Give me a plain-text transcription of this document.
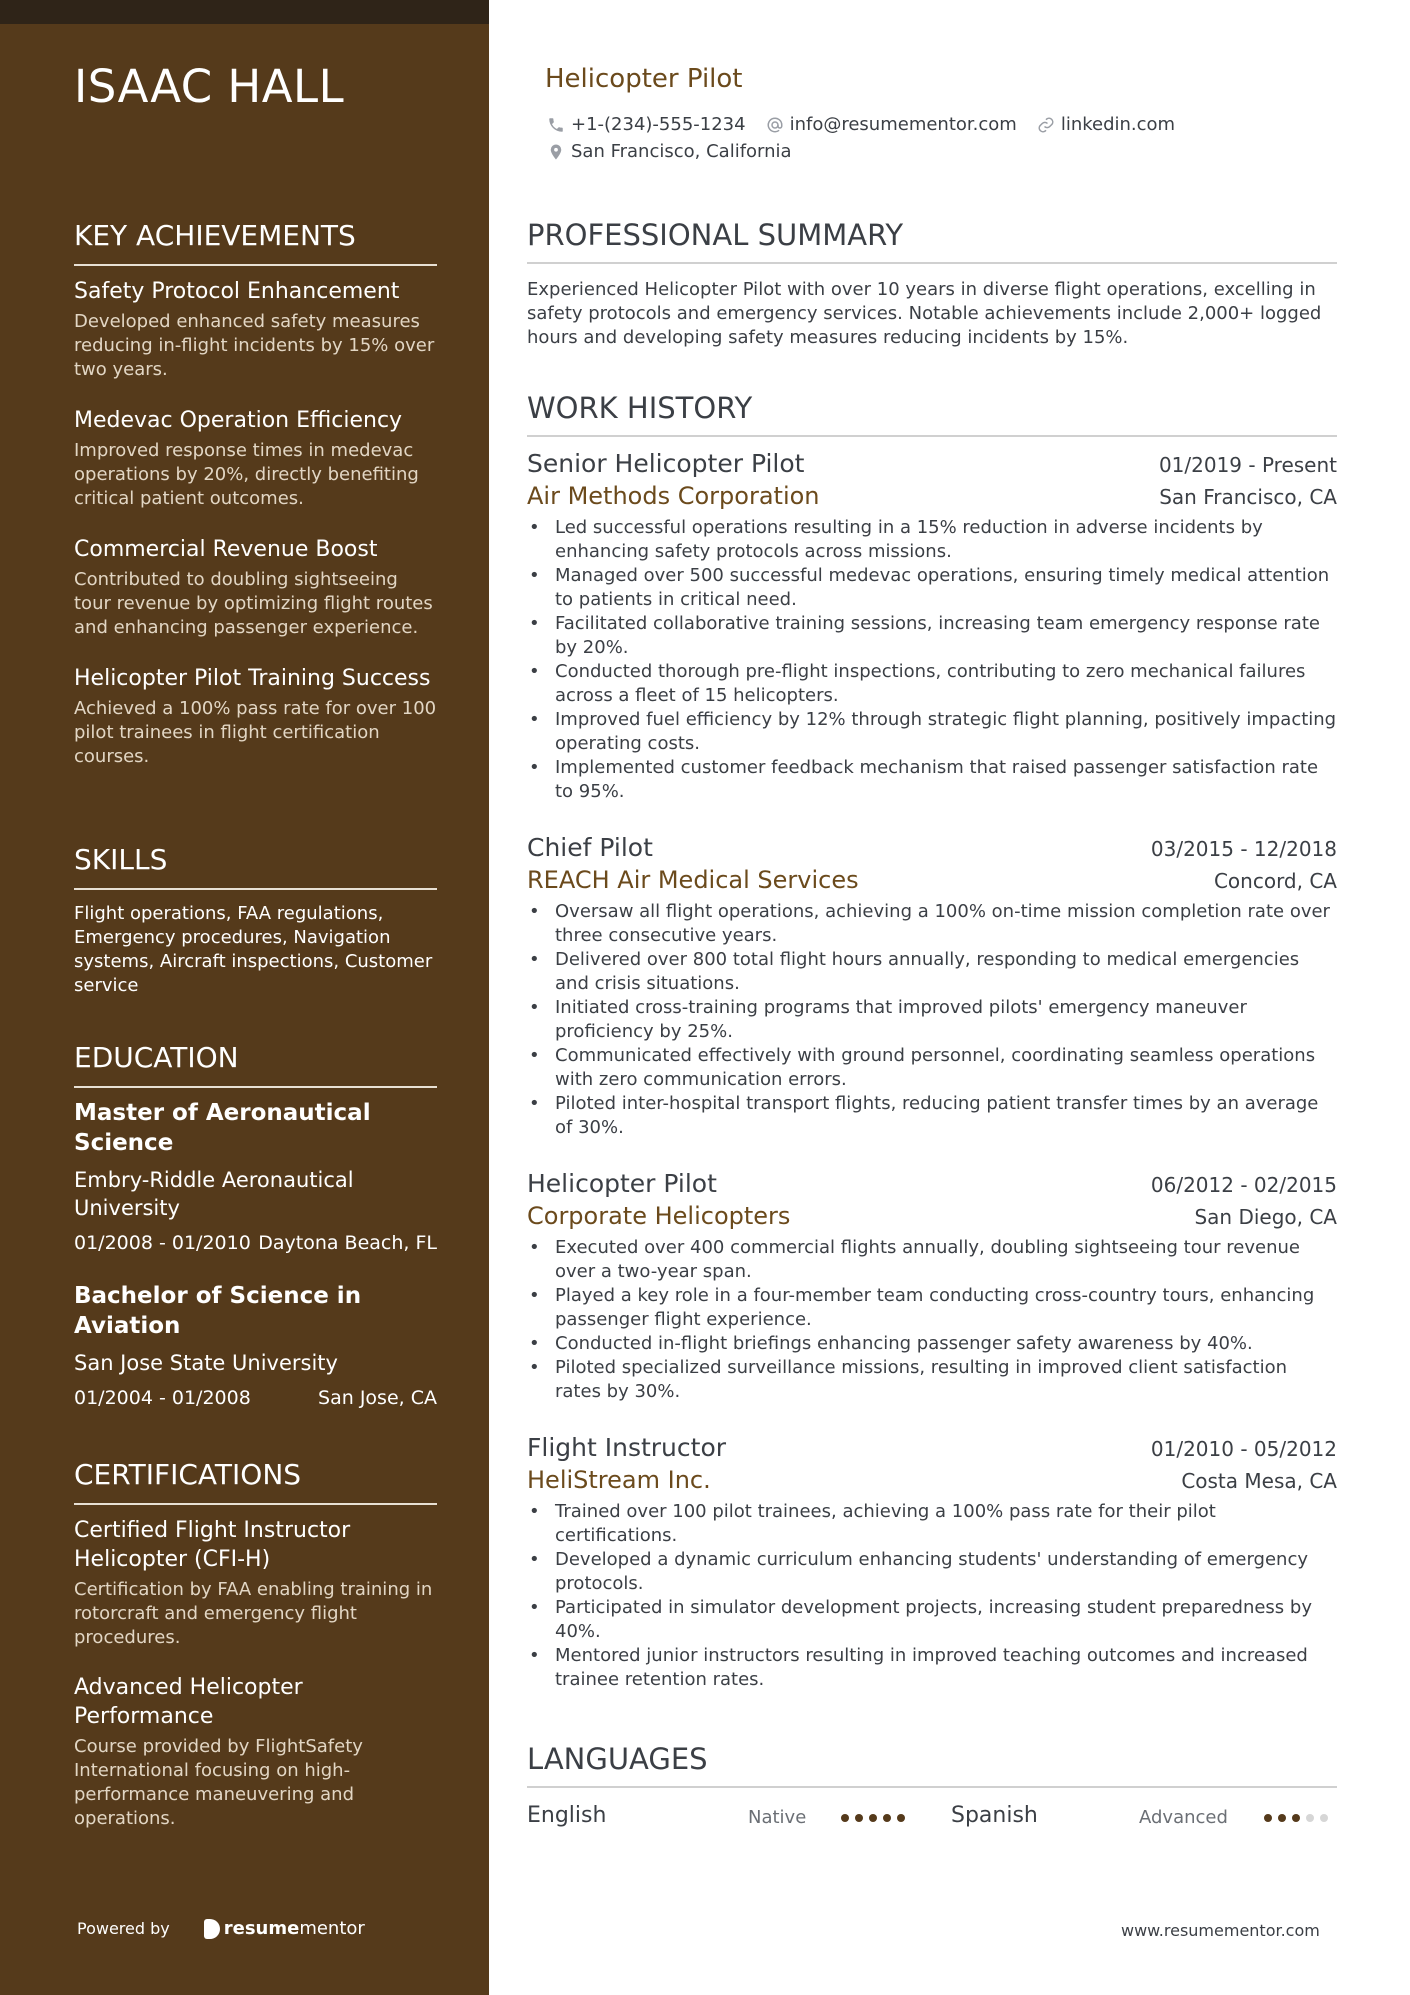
ISAAC HALL
KEY ACHIEVEMENTS
Safety Protocol Enhancement
Developed enhanced safety measures reducing in-flight incidents by 15% over two years.
Medevac Operation Efficiency
Improved response times in medevac operations by 20%, directly benefiting critical patient outcomes.
Commercial Revenue Boost
Contributed to doubling sightseeing tour revenue by optimizing flight routes and enhancing passenger experience.
Helicopter Pilot Training Success
Achieved a 100% pass rate for over 100 pilot trainees in flight certification courses.
SKILLS
Flight operations, FAA regulations, Emergency procedures, Navigation systems, Aircraft inspections, Customer service
EDUCATION
Master of Aeronautical Science
Embry-Riddle Aeronautical University
01/2008 - 01/2010 Daytona Beach, FL
Bachelor of Science in Aviation
San Jose State University
01/2004 - 01/2008	San Jose, CA
CERTIFICATIONS
Certified Flight Instructor Helicopter (CFI-H)
Certification by FAA enabling training in rotorcraft and emergency flight procedures.
Advanced Helicopter Performance
Course provided by FlightSafety International focusing on high-performance maneuvering and operations.
Powered by	resume mentor
Helicopter Pilot
+1-(234)-555-1234 info@resumementor.com linkedin.com
San Francisco, California
PROFESSIONAL SUMMARY
Experienced Helicopter Pilot with over 10 years in diverse flight operations, excelling in safety protocols and emergency services. Notable achievements include 2,000+ logged hours and developing safety measures reducing incidents by 15%.
WORK HISTORY
Senior Helicopter Pilot	01/2019 - Present
Air Methods Corporation	San Francisco, CA
• Led successful operations resulting in a 15% reduction in adverse incidents by enhancing safety protocols across missions.
• Managed over 500 successful medevac operations, ensuring timely medical attention to patients in critical need.
• Facilitated collaborative training sessions, increasing team emergency response rate by 20%.
• Conducted thorough pre-flight inspections, contributing to zero mechanical failures across a fleet of 15 helicopters.
• Improved fuel efficiency by 12% through strategic flight planning, positively impacting operating costs.
• Implemented customer feedback mechanism that raised passenger satisfaction rate to 95%.
Chief Pilot	03/2015 - 12/2018
REACH Air Medical Services	Concord, CA
• Oversaw all flight operations, achieving a 100% on-time mission completion rate over three consecutive years.
• Delivered over 800 total flight hours annually, responding to medical emergencies and crisis situations.
• Initiated cross-training programs that improved pilots' emergency maneuver proficiency by 25%.
• Communicated effectively with ground personnel, coordinating seamless operations with zero communication errors.
• Piloted inter-hospital transport flights, reducing patient transfer times by an average of 30%.
Helicopter Pilot	06/2012 - 02/2015
Corporate Helicopters	San Diego, CA
• Executed over 400 commercial flights annually, doubling sightseeing tour revenue over a two-year span.
• Played a key role in a four-member team conducting cross-country tours, enhancing passenger flight experience.
• Conducted in-flight briefings enhancing passenger safety awareness by 40%.
• Piloted specialized surveillance missions, resulting in improved client satisfaction rates by 30%.
Flight Instructor	01/2010 - 05/2012
HeliStream Inc.	Costa Mesa, CA
• Trained over 100 pilot trainees, achieving a 100% pass rate for their pilot certifications.
• Developed a dynamic curriculum enhancing students' understanding of emergency protocols.
• Participated in simulator development projects, increasing student preparedness by 40%.
• Mentored junior instructors resulting in improved teaching outcomes and increased trainee retention rates.
LANGUAGES
English	Native	Spanish	Advanced
www.resumementor.com
